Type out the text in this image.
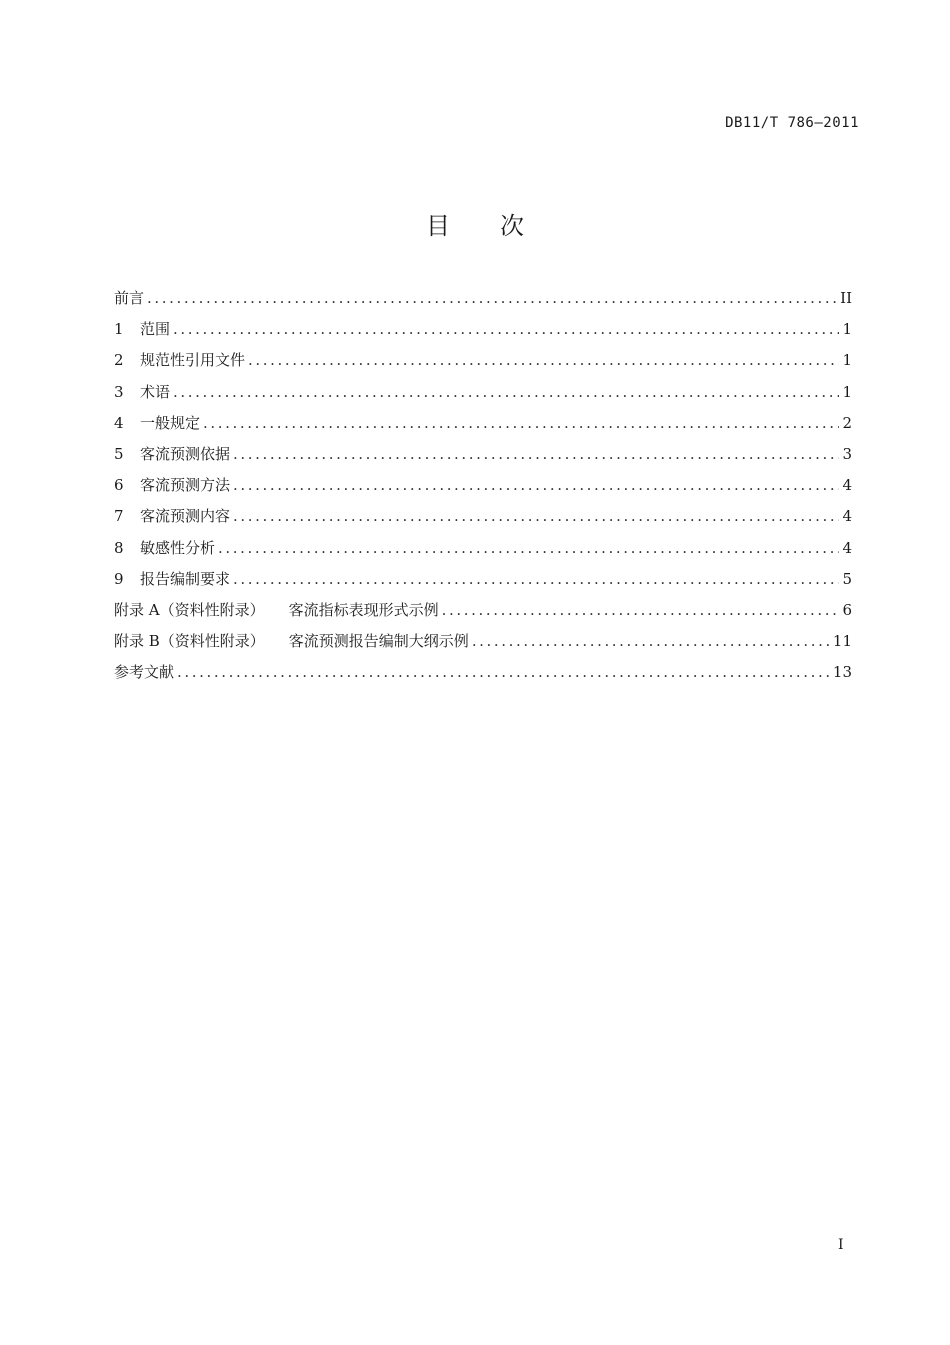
DB11/T 786—2011
目次
前言 .....	II
1	范围 .....	1
2	规范性引用文件 .....	1
3	术语 .....	1
4	一般规定 .....	2
5	客流预测依据 .....	3
6	客流预测方法 .....	4
7	客流预测内容 .....	4
8	敏感性分析 .....	4
9	报告编制要求 .....	5
附录 A（资料性附录） 客流指标表现形式示例 .....	6
附录 B（资料性附录） 客流预测报告编制大纲示例 .....	11
参考文献 .....	13
I
